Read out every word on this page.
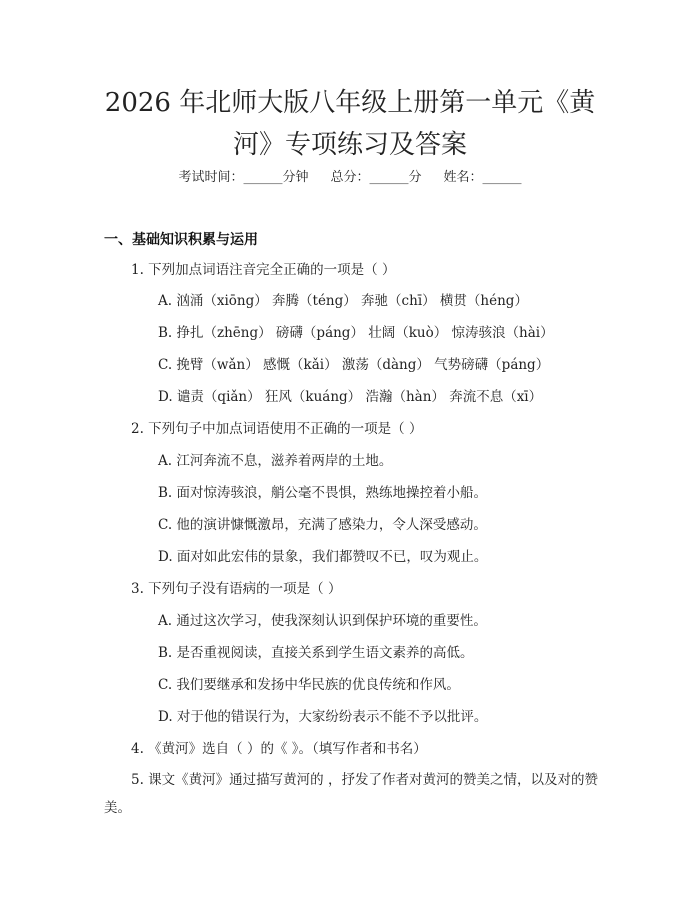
2026 年北师大版八年级上册第一单元《黄
河》专项练习及答案
考试时间：______分钟 总分：______分 姓名：______
一、基础知识积累与运用
1. 下列加点词语注音完全正确的一项是（ ）
A. 汹涌（xiōng） 奔腾（téng） 奔驰（chī） 横贯（héng）
B. 挣扎（zhēng） 磅礴（páng） 壮阔（kuò） 惊涛骇浪（hài）
C. 挽臂（wǎn） 感慨（kǎi） 激荡（dàng） 气势磅礴（páng）
D. 谴责（qiǎn） 狂风（kuáng） 浩瀚（hàn） 奔流不息（xī）
2. 下列句子中加点词语使用不正确的一项是（ ）
A. 江河奔流不息，滋养着两岸的土地。
B. 面对惊涛骇浪，艄公毫不畏惧，熟练地操控着小船。
C. 他的演讲慷慨激昂，充满了感染力，令人深受感动。
D. 面对如此宏伟的景象，我们都赞叹不已，叹为观止。
3. 下列句子没有语病的一项是（ ）
A. 通过这次学习，使我深刻认识到保护环境的重要性。
B. 是否重视阅读，直接关系到学生语文素养的高低。
C. 我们要继承和发扬中华民族的优良传统和作风。
D. 对于他的错误行为，大家纷纷表示不能不予以批评。
4. 《黄河》选自（ ）的《 》。（填写作者和书名）
5. 课文《黄河》通过描写黄河的 ，抒发了作者对黄河的赞美之情，以及对的赞美。
